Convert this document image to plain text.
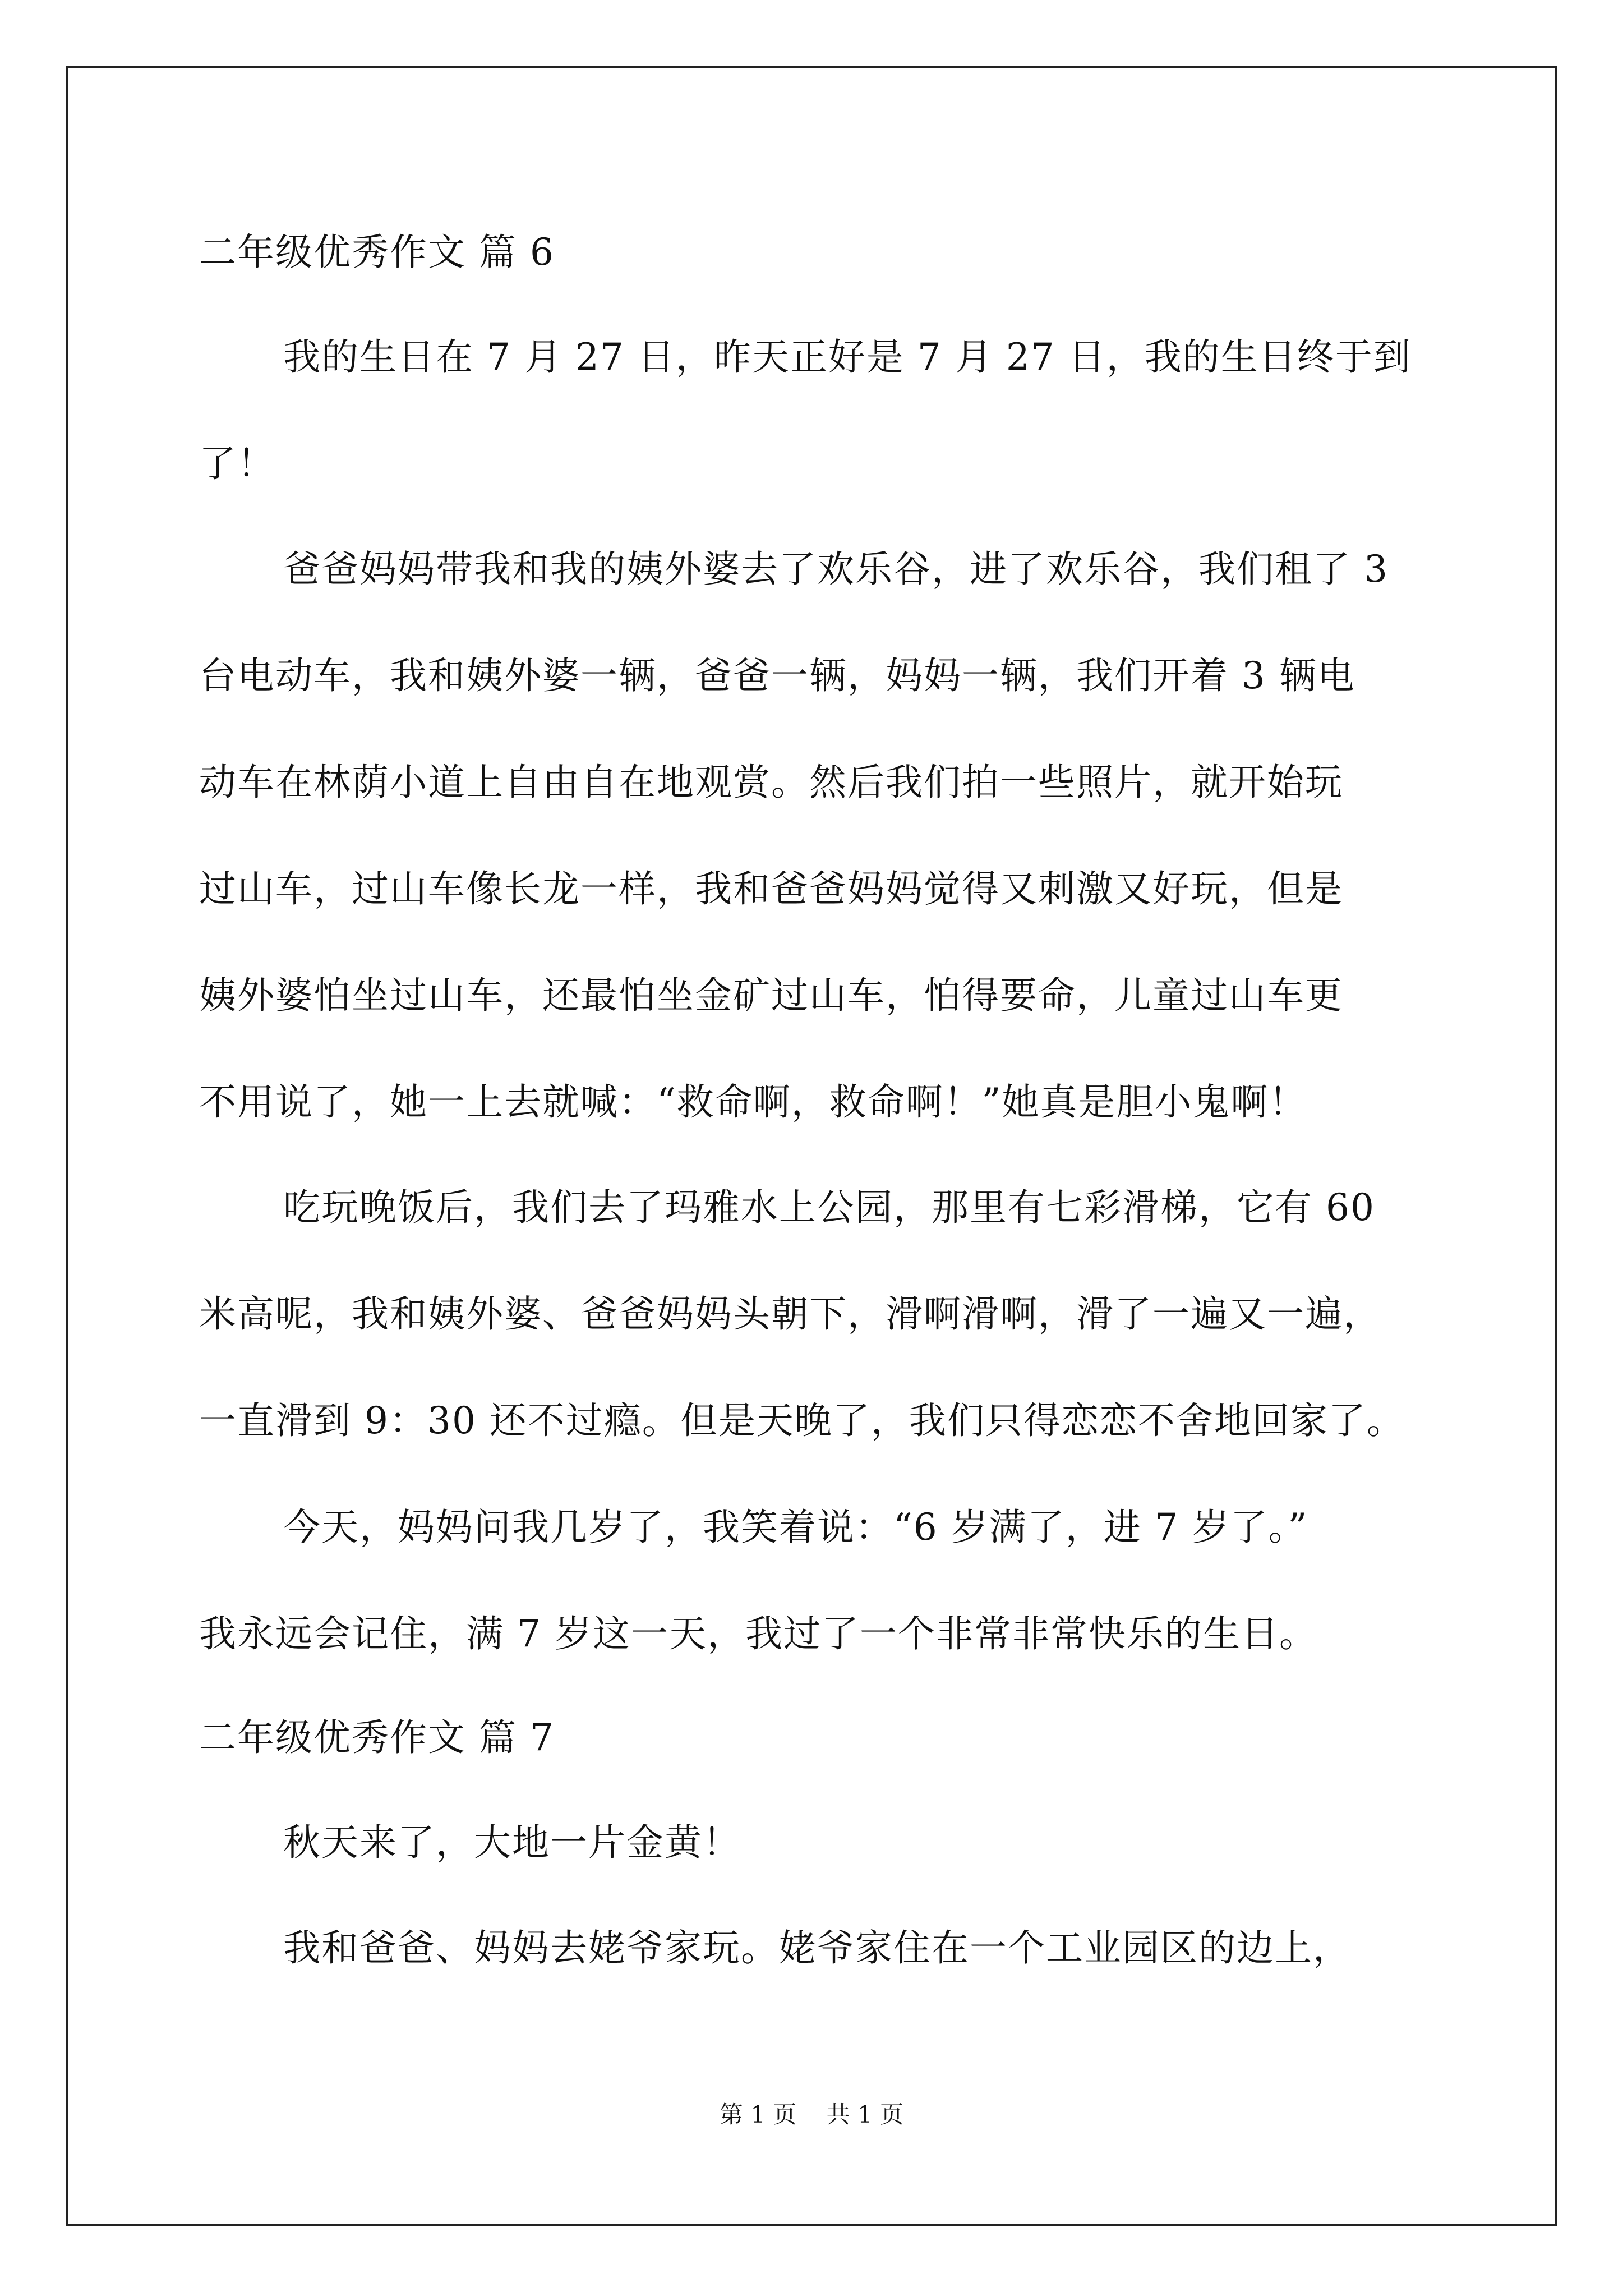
二年级优秀作文 篇 6
我的生日在 7 月 27 日，昨天正好是 7 月 27 日，我的生日终于到
了！
爸爸妈妈带我和我的姨外婆去了欢乐谷，进了欢乐谷，我们租了 3
台电动车，我和姨外婆一辆，爸爸一辆，妈妈一辆，我们开着 3 辆电
动车在林荫小道上自由自在地观赏。然后我们拍一些照片，就开始玩
过山车，过山车像长龙一样，我和爸爸妈妈觉得又刺激又好玩，但是
姨外婆怕坐过山车，还最怕坐金矿过山车，怕得要命，儿童过山车更
不用说了，她一上去就喊：“救命啊，救命啊！”她真是胆小鬼啊！
吃玩晚饭后，我们去了玛雅水上公园，那里有七彩滑梯，它有 60
米高呢，我和姨外婆、爸爸妈妈头朝下，滑啊滑啊，滑了一遍又一遍，
一直滑到 9：30 还不过瘾。但是天晚了，我们只得恋恋不舍地回家了。
今天，妈妈问我几岁了，我笑着说：“6 岁满了，进 7 岁了。”
我永远会记住，满 7 岁这一天，我过了一个非常非常快乐的生日。
二年级优秀作文 篇 7
秋天来了，大地一片金黄！
我和爸爸、妈妈去姥爷家玩。姥爷家住在一个工业园区的边上，
第 1 页    共 1 页
